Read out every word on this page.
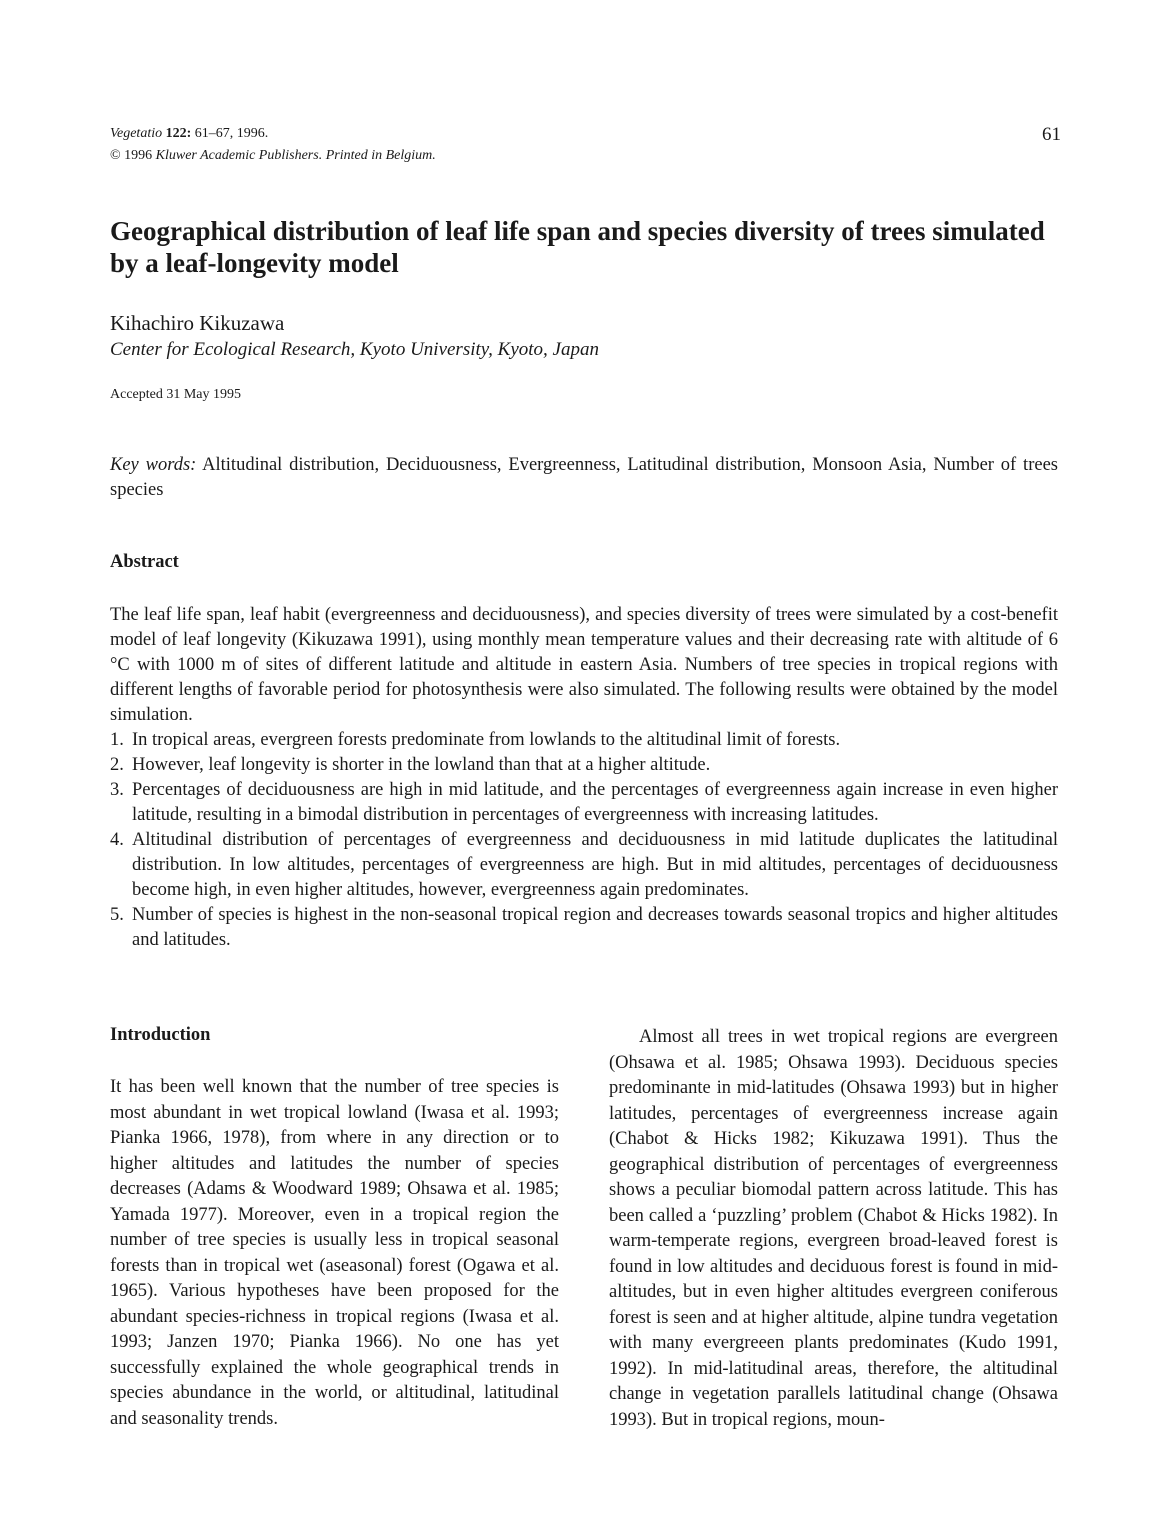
Vegetatio 122: 61–67, 1996.
© 1996 Kluwer Academic Publishers. Printed in Belgium.
61
Geographical distribution of leaf life span and species diversity of trees simulated by a leaf-longevity model
Kihachiro Kikuzawa
Center for Ecological Research, Kyoto University, Kyoto, Japan
Accepted 31 May 1995
Key words: Altitudinal distribution, Deciduousness, Evergreenness, Latitudinal distribution, Monsoon Asia, Number of trees species
Abstract

The leaf life span, leaf habit (evergreenness and deciduousness), and species diversity of trees were simulated by a cost-benefit model of leaf longevity (Kikuzawa 1991), using monthly mean temperature values and their decreasing rate with altitude of 6 °C with 1000 m of sites of different latitude and altitude in eastern Asia. Numbers of tree species in tropical regions with different lengths of favorable period for photosynthesis were also simulated. The following results were obtained by the model simulation.

1. In tropical areas, evergreen forests predominate from lowlands to the altitudinal limit of forests.
2. However, leaf longevity is shorter in the lowland than that at a higher altitude.
3. Percentages of deciduousness are high in mid latitude, and the percentages of evergreenness again increase in even higher latitude, resulting in a bimodal distribution in percentages of evergreenness with increasing latitudes.
4. Altitudinal distribution of percentages of evergreenness and deciduousness in mid latitude duplicates the latitudinal distribution. In low altitudes, percentages of evergreenness are high. But in mid altitudes, percentages of deciduousness become high, in even higher altitudes, however, evergreenness again predominates.
5. Number of species is highest in the non-seasonal tropical region and decreases towards seasonal tropics and higher altitudes and latitudes.
Introduction

It has been well known that the number of tree species is most abundant in wet tropical lowland (Iwasa et al. 1993; Pianka 1966, 1978), from where in any direction or to higher altitudes and latitudes the number of species decreases (Adams & Woodward 1989; Ohsawa et al. 1985; Yamada 1977). Moreover, even in a tropical region the number of tree species is usually less in tropical seasonal forests than in tropical wet (aseasonal) forest (Ogawa et al. 1965). Various hypotheses have been proposed for the abundant species-richness in tropical regions (Iwasa et al. 1993; Janzen 1970; Pianka 1966). No one has yet successfully explained the whole geographical trends in species abundance in the world, or altitudinal, latitudinal and seasonality trends.

Almost all trees in wet tropical regions are evergreen (Ohsawa et al. 1985; Ohsawa 1993). Deciduous species predominante in mid-latitudes (Ohsawa 1993) but in higher latitudes, percentages of evergreenness increase again (Chabot & Hicks 1982; Kikuzawa 1991). Thus the geographical distribution of percentages of evergreenness shows a peculiar biomodal pattern across latitude. This has been called a ‘puzzling’ problem (Chabot & Hicks 1982). In warm-temperate regions, evergreen broad-leaved forest is found in low altitudes and deciduous forest is found in mid-altitudes, but in even higher altitudes evergreen coniferous forest is seen and at higher altitude, alpine tundra vegetation with many evergreeen plants predominates (Kudo 1991, 1992). In mid-latitudinal areas, therefore, the altitudinal change in vegetation parallels latitudinal change (Ohsawa 1993). But in tropical regions, moun-
